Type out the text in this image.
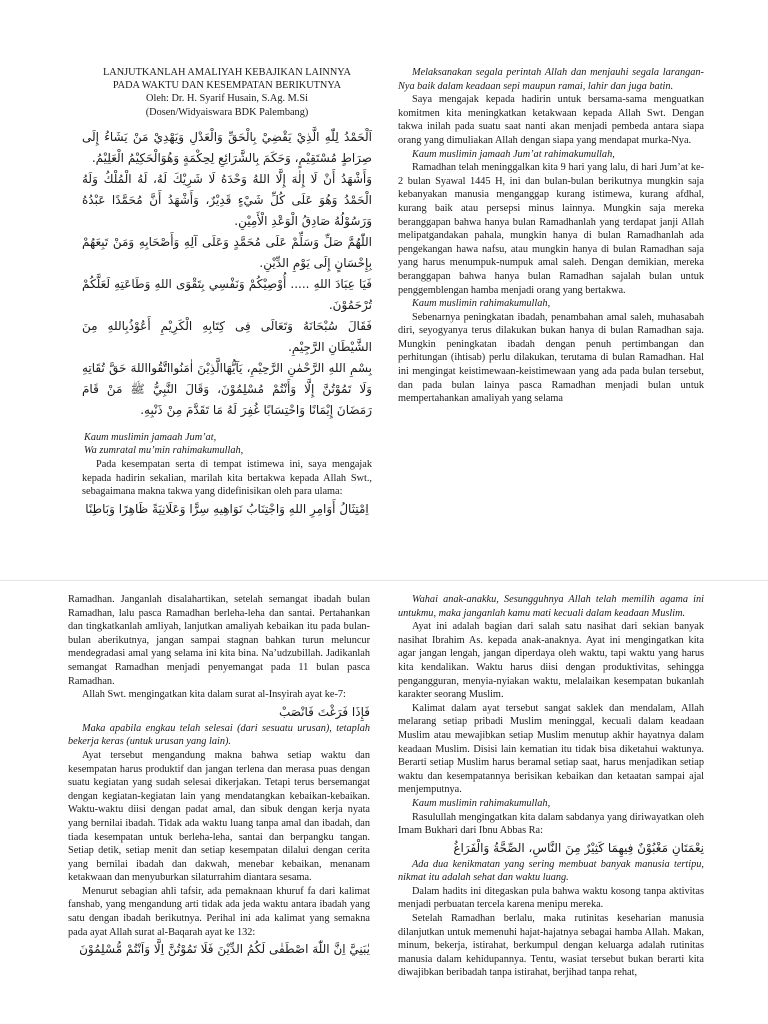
LANJUTKANLAH AMALIYAH KEBAJIKAN LAINNYA
PADA WAKTU DAN KESEMPATAN BERIKUTNYA
Oleh: Dr. H. Syarif Husain, S.Ag. M.Si
(Dosen/Widyaiswara BDK Palembang)

اَلْحَمْدُ لِلّٰهِ الَّذِيْ يَقْضِيْ بِالْحَقِّ وَالْعَدْلِ وَيَهْدِيْ مَنْ يَشَاءُ إِلَى صِرَاطٍ مُسْتَقِيْمٍ، وَحَكَمَ بِالشَّرَائِعِ لِحِكْمَةٍ وَهُوَالْحَكِيْمُ الْعَلِيْمُ.

وَأَشْهَدُ أَنْ لَا إِلٰهَ إِلَّا اللهُ وَحْدَهُ لَا شَرِيْكَ لَهُ، لَهُ الْمُلْكُ وَلَهُ الْحَمْدُ وَهُوَ عَلَى كُلِّ شَيْءٍ قَدِيْرٌ، وَأَشْهَدُ أَنَّ مُحَمَّدًا عَبْدُهُ وَرَسُوْلُهُ صَادِقُ الْوَعْدِ الْأَمِيْنِ.

اللّٰهُمَّ صَلِّ وَسَلِّمْ عَلَى مُحَمَّدٍ وَعَلَى آلِهِ وَأَصْحَابِهِ وَمَنْ تَبِعَهُمْ بِإِحْسَانٍ إِلَى يَوْمِ الدِّيْنِ.

فَيَا عِبَادَ اللهِ ..... أُوْصِيْكُمْ وَنَفْسِي بِتَقْوَى اللهِ وَطَاعَتِهِ لَعَلَّكُمْ تُرْحَمُوْنَ.

فَقَالَ سُبْحَانَهُ وَتَعَالَى فِى كِتَابِهِ الْكَرِيْمِ أَعُوْذُبِاللهِ مِنَ الشَّيْطَانِ الرَّجِيْمِ.

بِسْمِ اللهِ الرَّحْمٰنِ الرَّحِيْمِ، يَآيُّهَاالَّذِيْنَ اٰمَنُوااتَّقُوااللهَ حَقَّ تُقَاتِهِ وَلَا تَمُوْتُنَّ إِلَّا وَأَنْتُمْ مُسْلِمُوْنَ، وَقَالَ النَّبِيُّ ﷺ مَنْ قَامَ رَمَضَانَ إِيْمَانًا وَاحْتِسَابًا غُفِرَ لَهُ مَا تَقَدَّمَ مِنْ ذَنْبِهِ.

Kaum muslimin jamaah Jum’at,

Wa zumratal mu’min rahimakumullah,

Pada kesempatan serta di tempat istimewa ini, saya mengajak kepada hadirin sekalian, marilah kita bertakwa kepada Allah Swt., sebagaimana makna takwa yang didefinisikan oleh para ulama:

اِمْتِثَالُ أَوَامِرِ اللهِ وَاجْتِنَابُ نَوَاهِيهِ سِرًّا وَعَلَانِيَةً ظَاهِرًا وَبَاطِنًا

Melaksanakan segala perintah Allah dan menjauhi segala larangan-Nya baik dalam keadaan sepi maupun ramai, lahir dan juga batin.

Saya mengajak kepada hadirin untuk bersama-sama menguatkan komitmen kita meningkatkan ketakwaan kepada Allah Swt. Dengan takwa inilah pada suatu saat nanti akan menjadi pembeda antara siapa orang yang dimuliakan Allah dengan siapa yang mendapat murka-Nya.

Kaum muslimin jamaah Jum’at rahimakumullah,

Ramadhan telah meninggalkan kita 9 hari yang lalu, di hari Jum’at ke-2 bulan Syawal 1445 H, ini dan bulan-bulan berikutnya mungkin saja kebanyakan manusia menganggap kurang istimewa, kurang afdhal, kurang baik atau persepsi minus lainnya. Mungkin saja mereka beranggapan bahwa hanya bulan Ramadhanlah yang terdapat janji Allah melipatgandakan pahala, mungkin hanya di bulan Ramadhanlah ada pengekangan hawa nafsu, atau mungkin hanya di bulan Ramadhan saja yang harus menumpuk-numpuk amal saleh. Dengan demikian, mereka beranggapan bahwa hanya bulan Ramadhan sajalah bulan untuk penggemblengan hamba menjadi orang yang bertakwa.

Kaum muslimin rahimakumullah,

Sebenarnya peningkatan ibadah, penambahan amal saleh, muhasabah diri, seyogyanya terus dilakukan bukan hanya di bulan Ramadhan saja. Mungkin peningkatan ibadah dengan penuh pertimbangan dan perhitungan (ihtisab) perlu dilakukan, terutama di bulan Ramadhan. Hal ini mengingat keistimewaan-keistimewaan yang ada pada bulan tersebut, dan pada bulan lainya pasca Ramadhan menjadi bulan untuk mempertahankan amaliyah yang selama

Ramadhan. Janganlah disalahartikan, setelah semangat ibadah bulan Ramadhan, lalu pasca Ramadhan berleha-leha dan santai. Pertahankan dan tingkatkanlah amliyah, lanjutkan amaliyah kebaikan itu pada bulan-bulan aberikutnya, jangan sampai stagnan bahkan turun meluncur mendegradasi amal yang selama ini kita bina. Na’udzubillah. Jadikanlah semangat Ramadhan menjadi penyemangat pada 11 bulan pasca Ramadhan.

Allah Swt. mengingatkan kita dalam surat al-Insyirah ayat ke-7:

فَإِذَا فَرَغْتَ فَانْصَبْ

Maka apabila engkau telah selesai (dari sesuatu urusan), tetaplah bekerja keras (untuk urusan yang lain).

Ayat tersebut mengandung makna bahwa setiap waktu dan kesempatan harus produktif dan jangan terlena dan merasa puas dengan suatu kegiatan yang sudah selesai dikerjakan. Tetapi terus bersemangat dengan kegiatan-kegiatan lain yang mendatangkan kebaikan-kebaikan. Waktu-waktu diisi dengan padat amal, dan sibuk dengan kerja nyata yang bernilai ibadah. Tidak ada waktu luang tanpa amal dan ibadah, dan tiada kesempatan untuk berleha-leha, santai dan berpangku tangan. Setiap detik, setiap menit dan setiap kesempatan dilalui dengan cerita yang bernilai ibadah dan dakwah, menebar kebaikan, menanam ketakwaan dan menyuburkan silaturrahim diantara sesama.

Menurut sebagian ahli tafsir, ada pemaknaan khuruf fa dari kalimat fanshab, yang mengandung arti tidak ada jeda waktu antara ibadah yang satu dengan ibadah berikutnya. Perihal ini ada kalimat yang semakna pada ayat Allah surat al-Baqarah ayat ke 132:

يٰبَنِيَّ اِنَّ اللّٰهَ اصْطَفٰى لَكُمُ الدِّيْنَ فَلَا تَمُوْتُنَّ اِلَّا وَاَنْتُمْ مُّسْلِمُوْنَ

Wahai anak-anakku, Sesungguhnya Allah telah memilih agama ini untukmu, maka janganlah kamu mati kecuali dalam keadaan Muslim.

Ayat ini adalah bagian dari salah satu nasihat dari sekian banyak nasihat Ibrahim As. kepada anak-anaknya. Ayat ini mengingatkan kita agar jangan lengah, jangan diperdaya oleh waktu, tapi waktu yang harus kita kendalikan. Waktu harus diisi dengan produktivitas, sehingga pengangguran, menyia-nyiakan waktu, melalaikan kesempatan bukanlah karakter seorang Muslim.

Kalimat dalam ayat tersebut sangat saklek dan mendalam, Allah melarang setiap pribadi Muslim meninggal, kecuali dalam keadaan Muslim atau mewajibkan setiap Muslim menutup akhir hayatnya dalam keadaan Muslim. Disisi lain kematian itu tidak bisa diketahui waktunya. Berarti setiap Muslim harus beramal setiap saat, harus menjadikan setiap waktu dan kesempatannya berisikan kebaikan dan ketaatan sampai ajal menjemputnya.

Kaum muslimin rahimakumullah,

Rasulullah mengingatkan kita dalam sabdanya yang diriwayatkan oleh Imam Bukhari dari Ibnu Abbas Ra:

نِعْمَتَانِ مَغْبُوْنٌ فِيهِمَا كَثِيْرٌ مِنَ النَّاسِ، الصِّحَّةُ وَالْفَرَاغُ

Ada dua kenikmatan yang sering membuat banyak manusia tertipu, nikmat itu adalah sehat dan waktu luang.

Dalam hadits ini ditegaskan pula bahwa waktu kosong tanpa aktivitas menjadi perbuatan tercela karena menipu mereka.

Setelah Ramadhan berlalu, maka rutinitas keseharian manusia dilanjutkan untuk memenuhi hajat-hajatnya sebagai hamba Allah. Makan, minum, bekerja, istirahat, berkumpul dengan keluarga adalah rutinitas manusia dalam kehidupannya. Tentu, wasiat tersebut bukan berarti kita diwajibkan beribadah tanpa istirahat, berjihad tanpa rehat,
